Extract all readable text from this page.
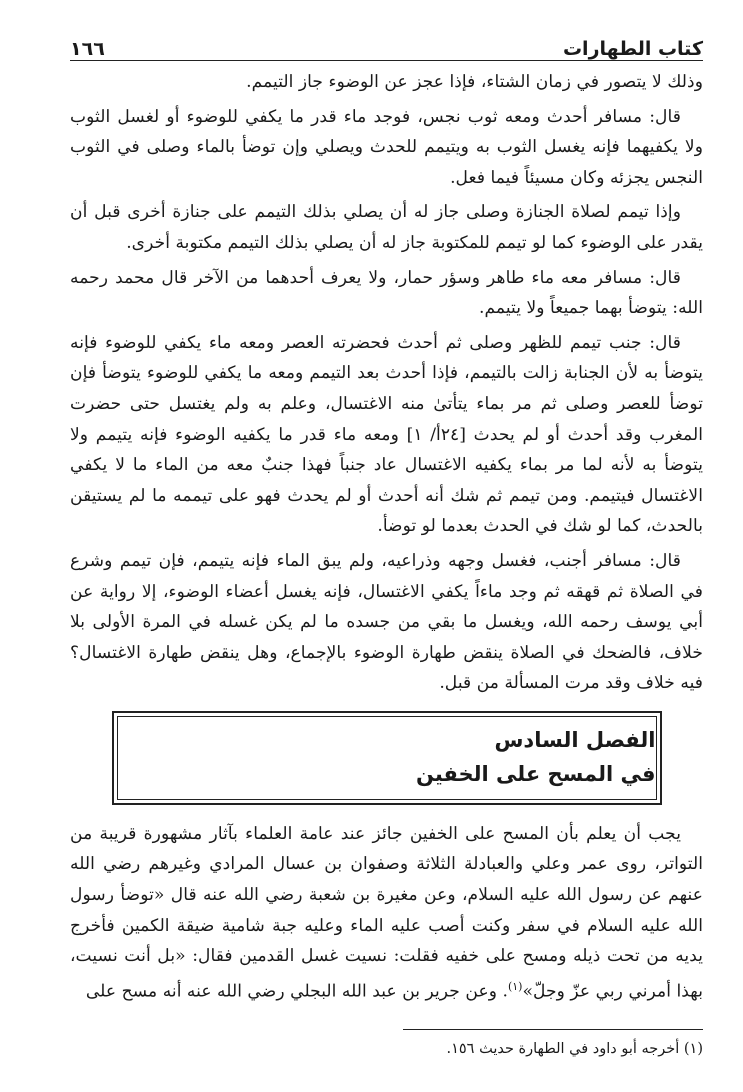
كتاب الطهارات
١٦٦

وذلك لا يتصور في زمان الشتاء، فإذا عجز عن الوضوء جاز التيمم.

قال: مسافر أحدث ومعه ثوب نجس، فوجد ماء قدر ما يكفي للوضوء أو لغسل الثوب ولا يكفيهما فإنه يغسل الثوب به ويتيمم للحدث ويصلي وإن توضأ بالماء وصلى في الثوب النجس يجزئه وكان مسيئاً فيما فعل.

وإذا تيمم لصلاة الجنازة وصلى جاز له أن يصلي بذلك التيمم على جنازة أخرى قبل أن يقدر على الوضوء كما لو تيمم للمكتوبة جاز له أن يصلي بذلك التيمم مكتوبة أخرى.

قال: مسافر معه ماء طاهر وسؤر حمار، ولا يعرف أحدهما من الآخر قال محمد رحمه الله: يتوضأ بهما جميعاً ولا يتيمم.

قال: جنب تيمم للظهر وصلى ثم أحدث فحضرته العصر ومعه ماء يكفي للوضوء فإنه يتوضأ به لأن الجنابة زالت بالتيمم، فإذا أحدث بعد التيمم ومعه ما يكفي للوضوء يتوضأ فإن توضأ للعصر وصلى ثم مر بماء يتأتىٰ منه الاغتسال، وعلم به ولم يغتسل حتى حضرت المغرب وقد أحدث أو لم يحدث [٢٤أ/ ١] ومعه ماء قدر ما يكفيه الوضوء فإنه يتيمم ولا يتوضأ به لأنه لما مر بماء يكفيه الاغتسال عاد جنباً فهذا جنبٌ معه من الماء ما لا يكفي الاغتسال فيتيمم. ومن تيمم ثم شك أنه أحدث أو لم يحدث فهو على تيممه ما لم يستيقن بالحدث، كما لو شك في الحدث بعدما لو توضأ.

قال: مسافر أجنب، فغسل وجهه وذراعيه، ولم يبق الماء فإنه يتيمم، فإن تيمم وشرع في الصلاة ثم قهقه ثم وجد ماءاً يكفي الاغتسال، فإنه يغسل أعضاء الوضوء، إلا رواية عن أبي يوسف رحمه الله، ويغسل ما بقي من جسده ما لم يكن غسله في المرة الأولى بلا خلاف، فالضحك في الصلاة ينقض طهارة الوضوء بالإجماع، وهل ينقض طهارة الاغتسال؟ فيه خلاف وقد مرت المسألة من قبل.

الفصل السادس
في المسح على الخفين

يجب أن يعلم بأن المسح على الخفين جائز عند عامة العلماء بآثار مشهورة قريبة من التواتر، روى عمر وعلي والعبادلة الثلاثة وصفوان بن عسال المرادي وغيرهم رضي الله عنهم عن رسول الله عليه السلام، وعن مغيرة بن شعبة رضي الله عنه قال «توضأ رسول الله عليه السلام في سفر وكنت أصب عليه الماء وعليه جبة شامية ضيقة الكمين فأخرج يديه من تحت ذيله ومسح على خفيه فقلت: نسيت غسل القدمين فقال: «بل أنت نسيت، بهذا أمرني ربي عزّ وجلّ»$^{(١)}$. وعن جرير بن عبد الله البجلي رضي الله عنه أنه مسح على

(١) أخرجه أبو داود في الطهارة حديث ١٥٦.
